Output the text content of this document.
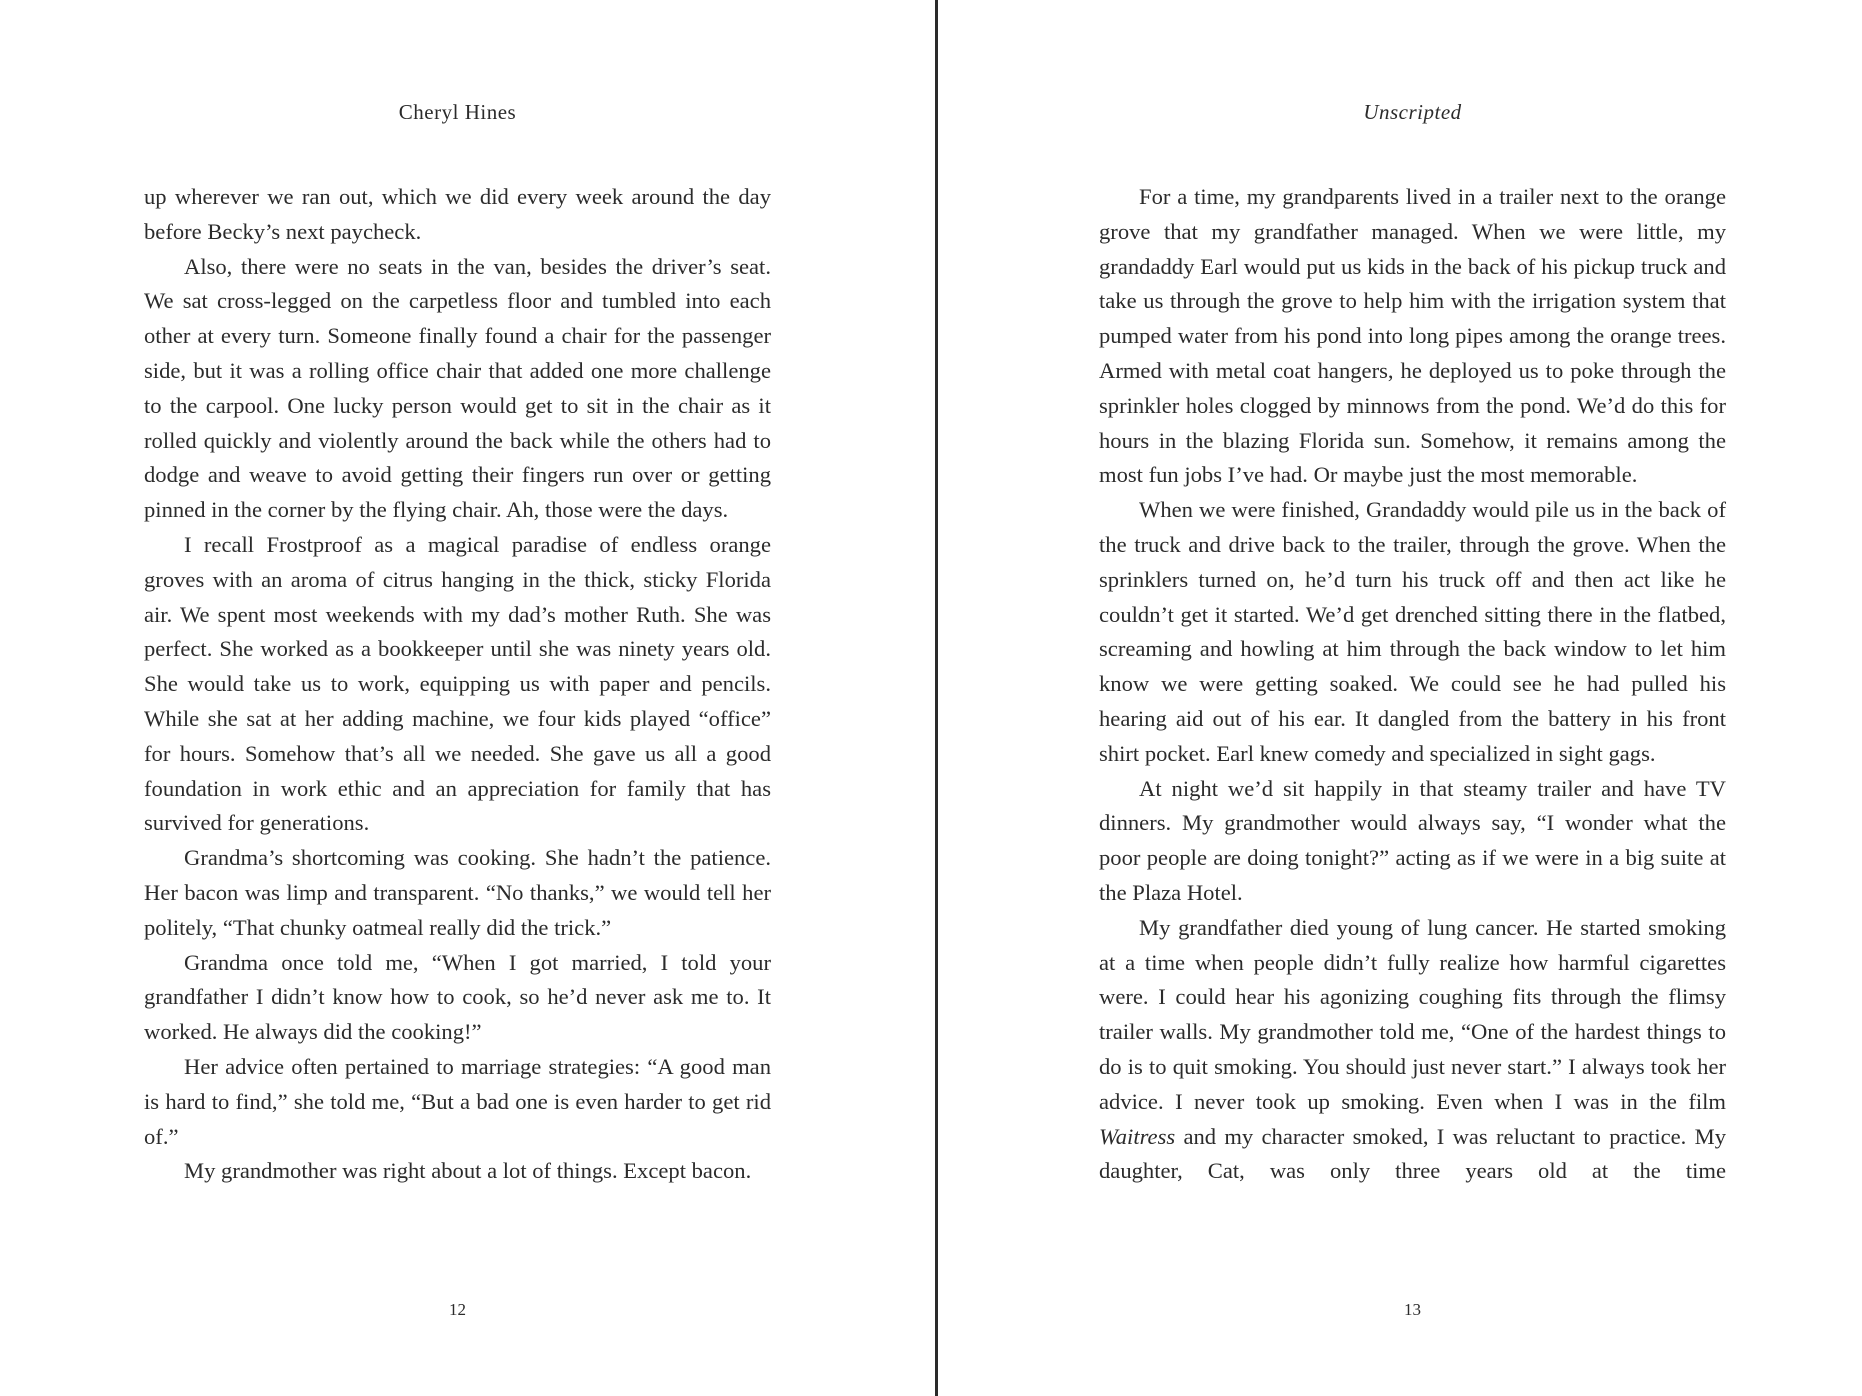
Cheryl Hines

up wherever we ran out, which we did every week around the day before Becky’s next paycheck.

Also, there were no seats in the van, besides the driver’s seat. We sat cross-legged on the carpetless floor and tumbled into each other at every turn. Someone finally found a chair for the passenger side, but it was a rolling office chair that added one more challenge to the carpool. One lucky person would get to sit in the chair as it rolled quickly and violently around the back while the others had to dodge and weave to avoid getting their fingers run over or getting pinned in the corner by the flying chair. Ah, those were the days.

I recall Frostproof as a magical paradise of endless orange groves with an aroma of citrus hanging in the thick, sticky Florida air. We spent most weekends with my dad’s mother Ruth. She was perfect. She worked as a bookkeeper until she was ninety years old. She would take us to work, equipping us with paper and pencils. While she sat at her adding machine, we four kids played “office” for hours. Somehow that’s all we needed. She gave us all a good foundation in work ethic and an appreciation for family that has survived for generations.

Grandma’s shortcoming was cooking. She hadn’t the patience. Her bacon was limp and transparent. “No thanks,” we would tell her politely, “That chunky oatmeal really did the trick.”

Grandma once told me, “When I got married, I told your grandfather I didn’t know how to cook, so he’d never ask me to. It worked. He always did the cooking!”

Her advice often pertained to marriage strategies: “A good man is hard to find,” she told me, “But a bad one is even harder to get rid of.”

My grandmother was right about a lot of things. Except bacon.

12
Unscripted

For a time, my grandparents lived in a trailer next to the orange grove that my grandfather managed. When we were little, my grandaddy Earl would put us kids in the back of his pickup truck and take us through the grove to help him with the irrigation system that pumped water from his pond into long pipes among the orange trees. Armed with metal coat hangers, he deployed us to poke through the sprinkler holes clogged by minnows from the pond. We’d do this for hours in the blazing Florida sun. Somehow, it remains among the most fun jobs I’ve had. Or maybe just the most memorable.

When we were finished, Grandaddy would pile us in the back of the truck and drive back to the trailer, through the grove. When the sprinklers turned on, he’d turn his truck off and then act like he couldn’t get it started. We’d get drenched sitting there in the flatbed, screaming and howling at him through the back window to let him know we were getting soaked. We could see he had pulled his hearing aid out of his ear. It dangled from the battery in his front shirt pocket. Earl knew comedy and specialized in sight gags.

At night we’d sit happily in that steamy trailer and have TV dinners. My grandmother would always say, “I wonder what the poor people are doing tonight?” acting as if we were in a big suite at the Plaza Hotel.

My grandfather died young of lung cancer. He started smoking at a time when people didn’t fully realize how harmful cigarettes were. I could hear his agonizing coughing fits through the flimsy trailer walls. My grandmother told me, “One of the hardest things to do is to quit smoking. You should just never start.” I always took her advice. I never took up smoking. Even when I was in the film Waitress and my character smoked, I was reluctant to practice. My daughter, Cat, was only three years old at the time

13
